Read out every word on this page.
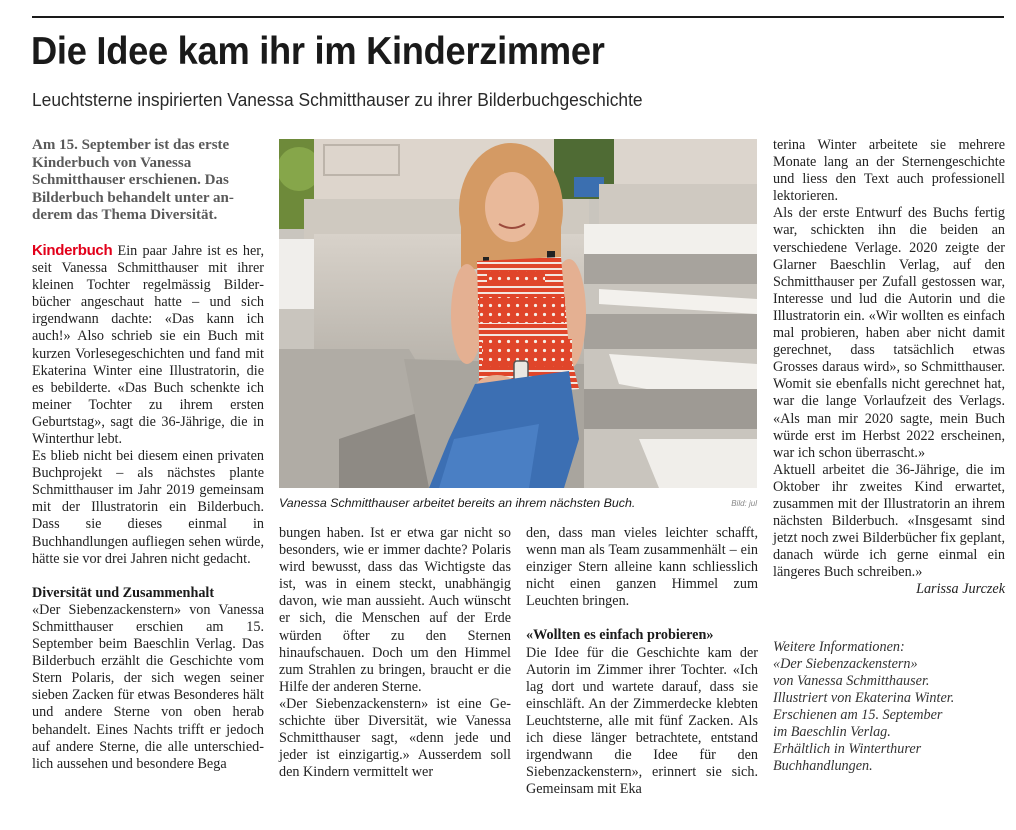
Die Idee kam ihr im Kinderzimmer
Leuchtsterne inspirierten Vanessa Schmitthauser zu ihrer Bilderbuchgeschichte

Am 15. September ist das erste Kinderbuch von Vanessa Schmitthauser erschienen. Das Bilderbuch behandelt unter anderem das Thema Diversität.

Kinderbuch Ein paar Jahre ist es her, seit Vanessa Schmitthauser mit ihrer kleinen Tochter regelmässig Bilderbücher angeschaut hatte – und sich irgendwann dachte: «Das kann ich auch!» Also schrieb sie ein Buch mit kurzen Vorlesegeschichten und fand mit Ekaterina Winter eine Illustratorin, die es bebilderte. «Das Buch schenkte ich meiner Tochter zu ihrem ersten Geburtstag», sagt die 36-Jährige, die in Winterthur lebt.

Es blieb nicht bei diesem einen privaten Buchprojekt – als nächstes plante Schmitthauser im Jahr 2019 gemeinsam mit der Illustratorin ein Bilderbuch. Dass sie dieses einmal in Buchhandlungen aufliegen sehen würde, hätte sie vor drei Jahren nicht gedacht.

Diversität und Zusammenhalt

«Der Siebenzackenstern» von Vanessa Schmitthauser erschien am 15. September beim Baeschlin Verlag. Das Bilderbuch erzählt die Geschichte vom Stern Polaris, der sich wegen seiner sieben Zacken für etwas Besonderes hält und andere Sterne von oben herab behandelt. Eines Nachts trifft er jedoch auf andere Sterne, die alle unterschiedlich aussehen und besondere Bega

Vanessa Schmitthauser arbeitet bereits an ihrem nächsten Buch.	Bild: jul

bungen haben. Ist er etwa gar nicht so besonders, wie er immer dachte? Polaris wird bewusst, dass das Wichtigste das ist, was in einem steckt, unabhängig davon, wie man aussieht. Auch wünscht er sich, die Menschen auf der Erde würden öfter zu den Sternen hinaufschauen. Doch um den Himmel zum Strahlen zu bringen, braucht er die Hilfe der anderen Sterne.

«Der Siebenzackenstern» ist eine Geschichte über Diversität, wie Vanessa Schmitthauser sagt, «denn jede und jeder ist einzigartig.» Ausserdem soll den Kindern vermittelt wer

den, dass man vieles leichter schafft, wenn man als Team zusammenhält – ein einziger Stern alleine kann schliesslich nicht einen ganzen Himmel zum Leuchten bringen.

«Wollten es einfach probieren»

Die Idee für die Geschichte kam der Autorin im Zimmer ihrer Tochter. «Ich lag dort und wartete darauf, dass sie einschläft. An der Zimmerdecke klebten Leuchtsterne, alle mit fünf Zacken. Als ich diese länger betrachtete, entstand irgendwann die Idee für den Siebenzackenstern», erinnert sie sich. Gemeinsam mit Eka

terina Winter arbeitete sie mehrere Monate lang an der Sternengeschichte und liess den Text auch professionell lektorieren.

Als der erste Entwurf des Buchs fertig war, schickten ihn die beiden an verschiedene Verlage. 2020 zeigte der Glarner Baeschlin Verlag, auf den Schmitthauser per Zufall gestossen war, Interesse und lud die Autorin und die Illustratorin ein. «Wir wollten es einfach mal probieren, haben aber nicht damit gerechnet, dass tatsächlich etwas Grosses daraus wird», so Schmitthauser. Womit sie ebenfalls nicht gerechnet hat, war die lange Vorlaufzeit des Verlags. «Als man mir 2020 sagte, mein Buch würde erst im Herbst 2022 erscheinen, war ich schon überrascht.»

Aktuell arbeitet die 36-Jährige, die im Oktober ihr zweites Kind erwartet, zusammen mit der Illustratorin an ihrem nächsten Bilderbuch. «Insgesamt sind jetzt noch zwei Bilderbücher fix geplant, danach würde ich gerne einmal ein längeres Buch schreiben.»

Larissa Jurczek

Weitere Informationen:
«Der Siebenzackenstern»
von Vanessa Schmitthauser.
Illustriert von Ekaterina Winter.
Erschienen am 15. September
im Baeschlin Verlag.
Erhältlich in Winterthurer
Buchhandlungen.
